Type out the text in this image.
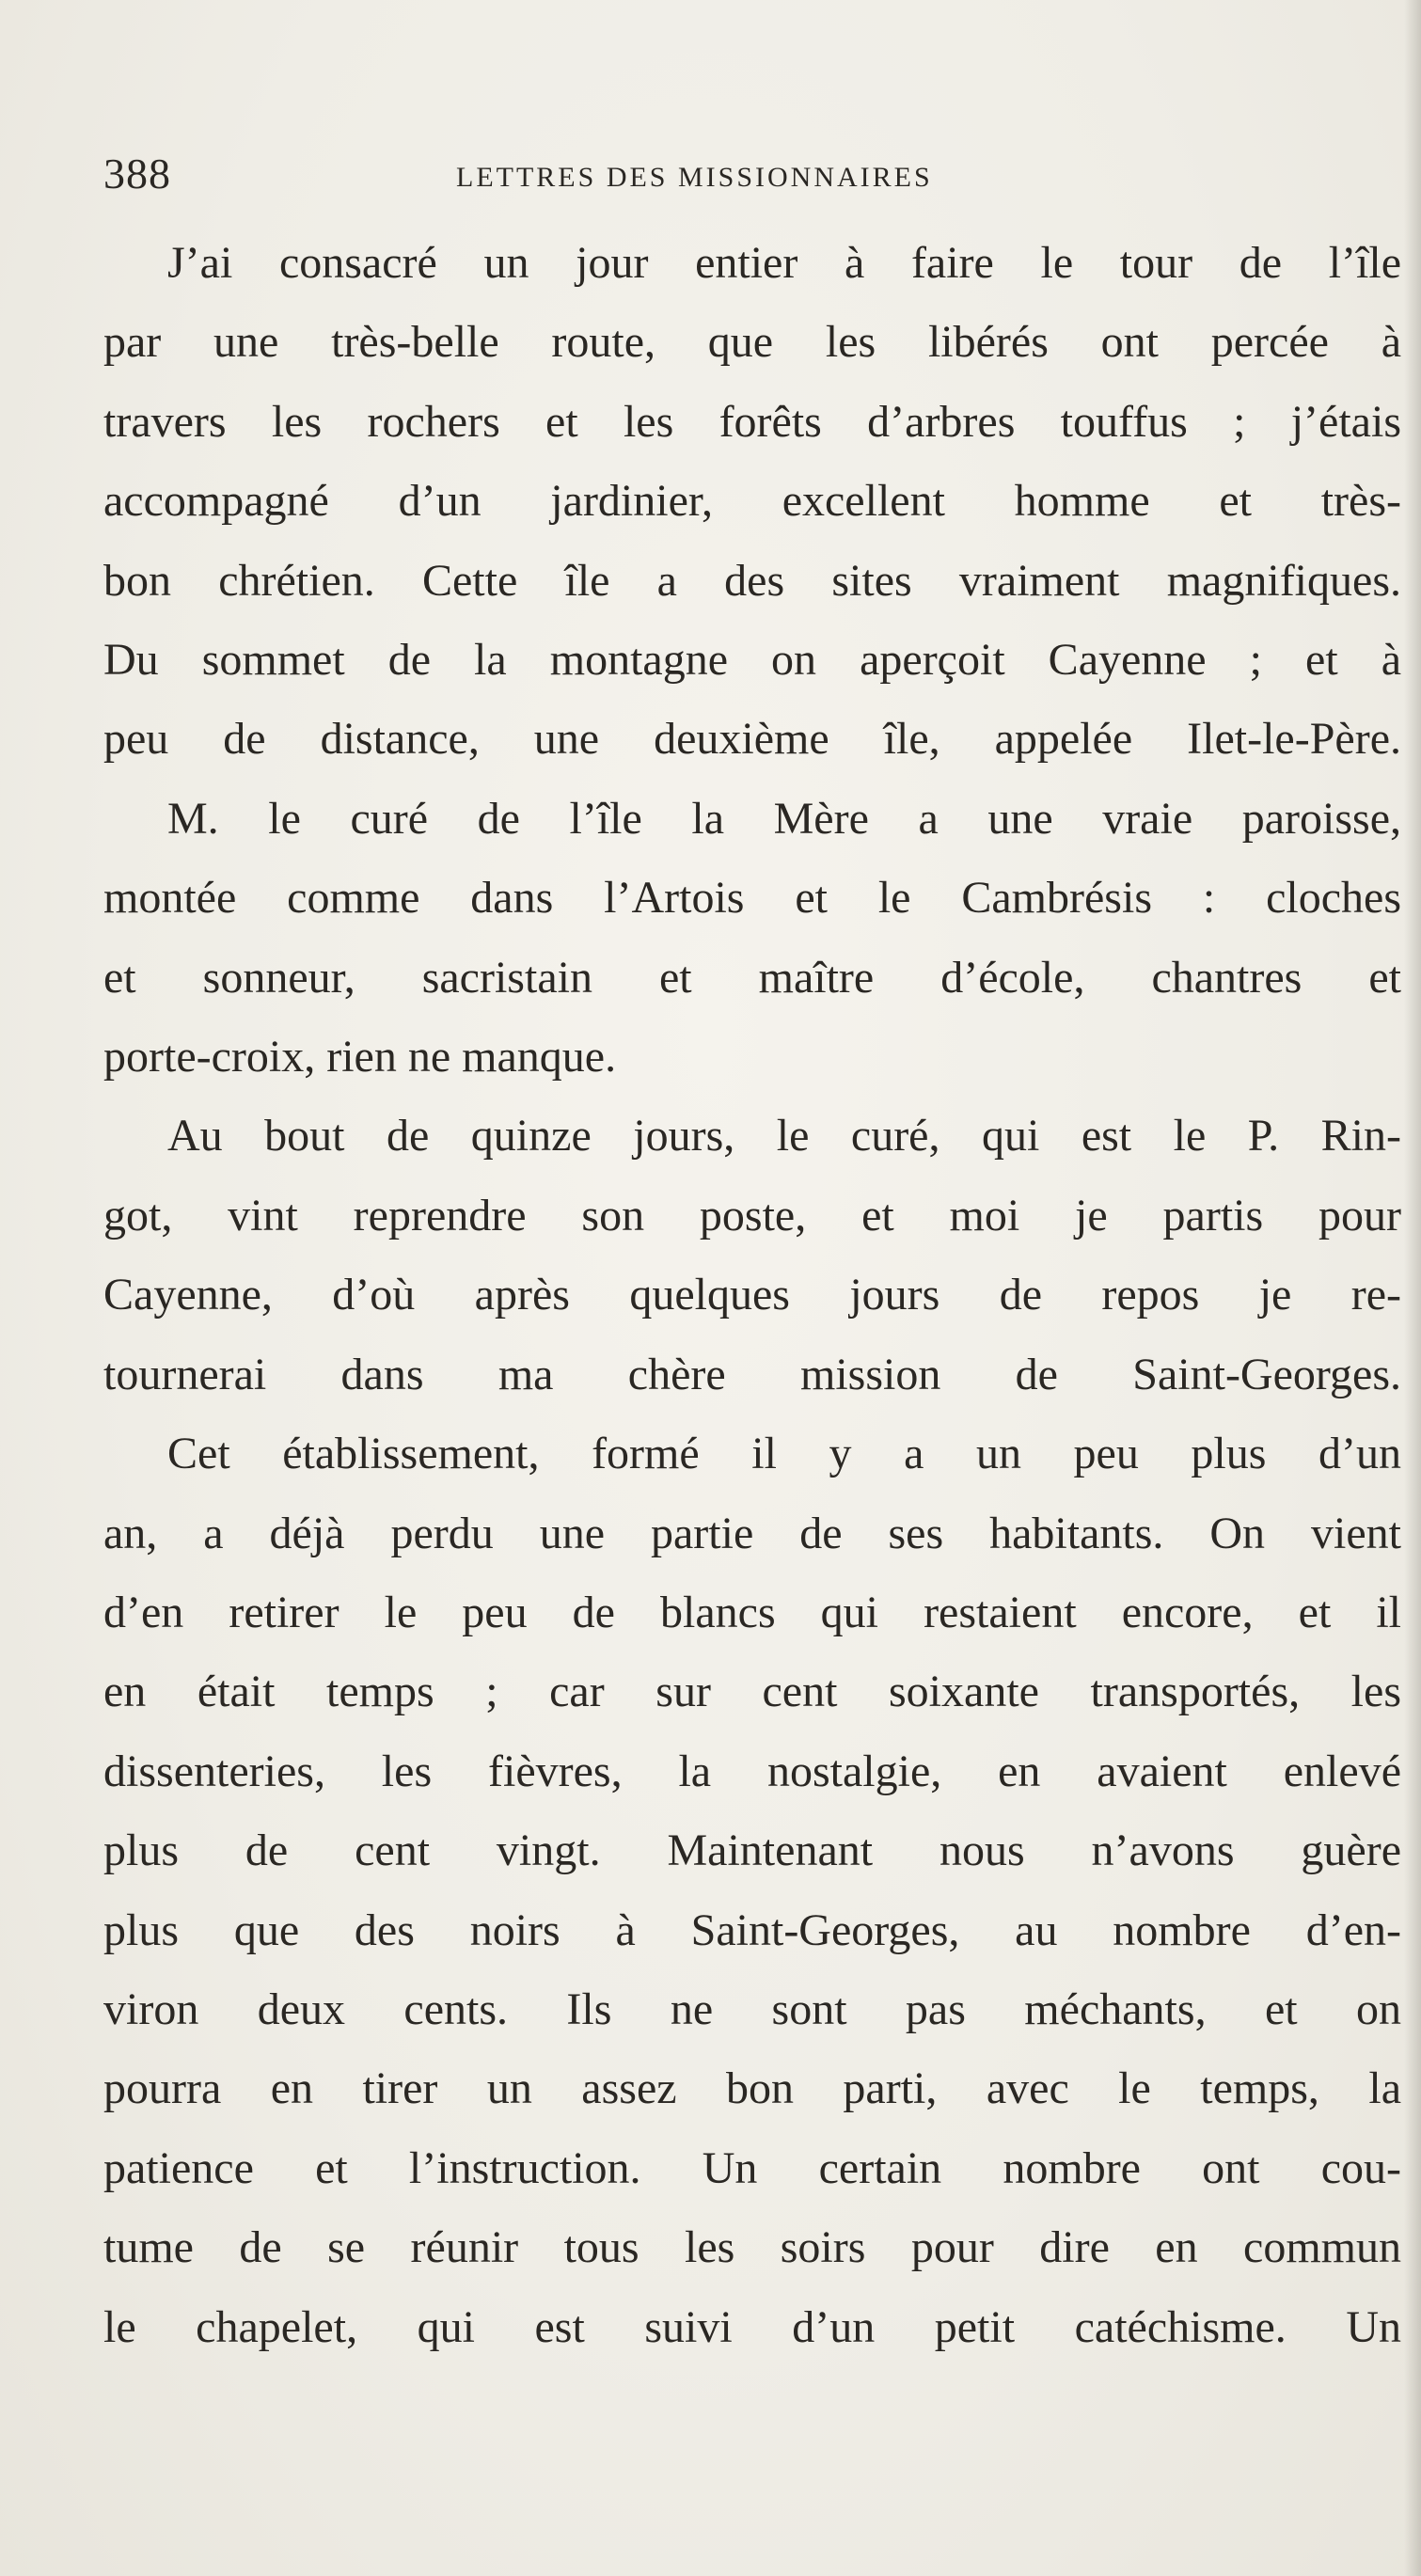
388	LETTRES DES MISSIONNAIRES
J’ai consacré un jour entier à faire le tour de l’île
par une très-belle route, que les libérés ont percée à
travers les rochers et les forêts d’arbres touffus ; j’étais
accompagné d’un jardinier, excellent homme et très-
bon chrétien. Cette île a des sites vraiment magnifiques.
Du sommet de la montagne on aperçoit Cayenne ; et à
peu de distance, une deuxième île, appelée Ilet-le-Père.
M. le curé de l’île la Mère a une vraie paroisse,
montée comme dans l’Artois et le Cambrésis : cloches
et sonneur, sacristain et maître d’école, chantres et
porte-croix, rien ne manque.
Au bout de quinze jours, le curé, qui est le P. Rin-
got, vint reprendre son poste, et moi je partis pour
Cayenne, d’où après quelques jours de repos je re-
tournerai dans ma chère mission de Saint-Georges.
Cet établissement, formé il y a un peu plus d’un
an, a déjà perdu une partie de ses habitants. On vient
d’en retirer le peu de blancs qui restaient encore, et il
en était temps ; car sur cent soixante transportés, les
dissenteries, les fièvres, la nostalgie, en avaient enlevé
plus de cent vingt. Maintenant nous n’avons guère
plus que des noirs à Saint-Georges, au nombre d’en-
viron deux cents. Ils ne sont pas méchants, et on
pourra en tirer un assez bon parti, avec le temps, la
patience et l’instruction. Un certain nombre ont cou-
tume de se réunir tous les soirs pour dire en commun
le chapelet, qui est suivi d’un petit catéchisme. Un
